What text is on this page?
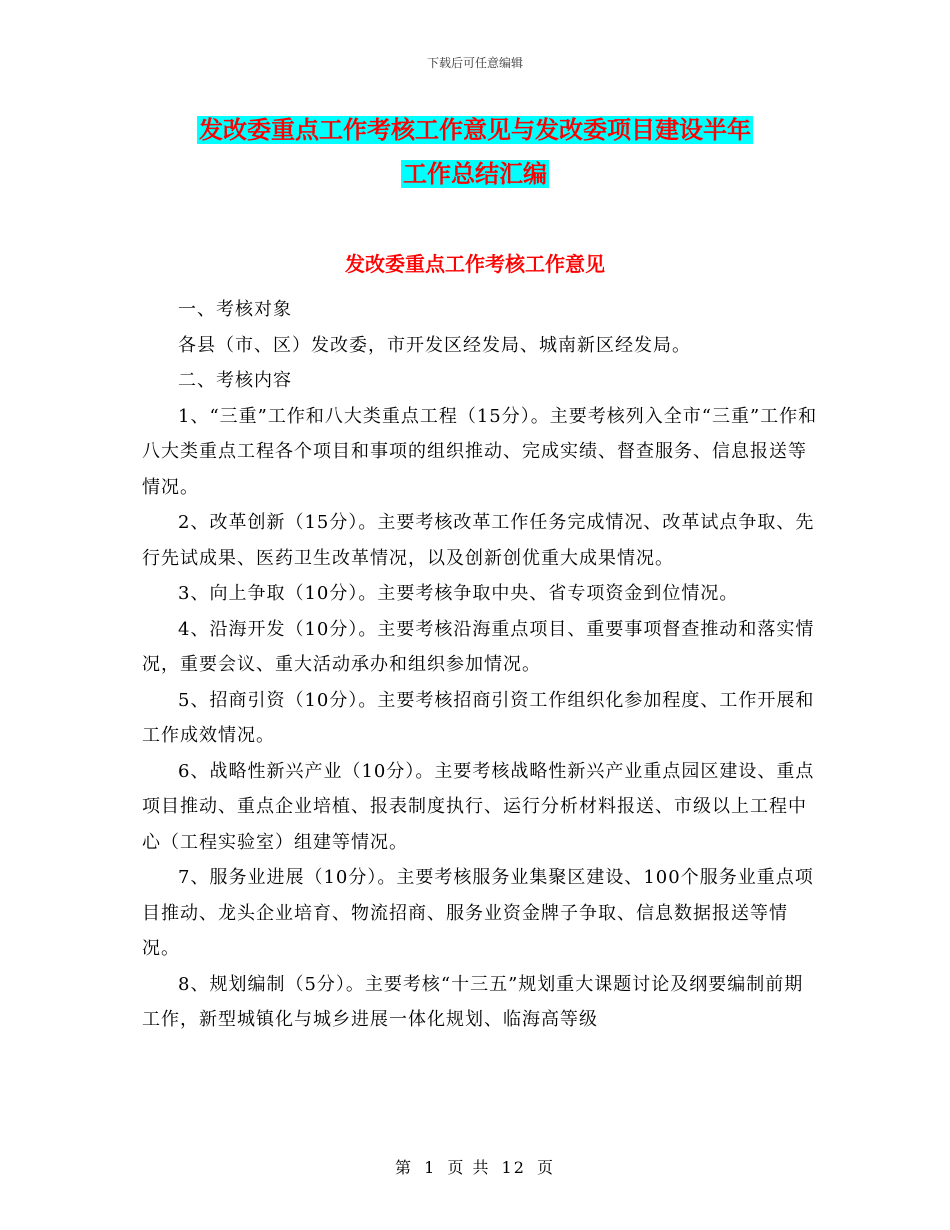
下载后可任意编辑
发改委重点工作考核工作意见与发改委项目建设半年
工作总结汇编
发改委重点工作考核工作意见

一、考核对象

各县（市、区）发改委，市开发区经发局、城南新区经发局。

二、考核内容

1、“三重”工作和八大类重点工程（15分）。主要考核列入全市“三重”工作和八大类重点工程各个项目和事项的组织推动、完成实绩、督查服务、信息报送等情况。

2、改革创新（15分）。主要考核改革工作任务完成情况、改革试点争取、先行先试成果、医药卫生改革情况，以及创新创优重大成果情况。

3、向上争取（10分）。主要考核争取中央、省专项资金到位情况。

4、沿海开发（10分）。主要考核沿海重点项目、重要事项督查推动和落实情况，重要会议、重大活动承办和组织参加情况。

5、招商引资（10分）。主要考核招商引资工作组织化参加程度、工作开展和工作成效情况。

6、战略性新兴产业（10分）。主要考核战略性新兴产业重点园区建设、重点项目推动、重点企业培植、报表制度执行、运行分析材料报送、市级以上工程中心（工程实验室）组建等情况。

7、服务业进展（10分）。主要考核服务业集聚区建设、100个服务业重点项目推动、龙头企业培育、物流招商、服务业资金牌子争取、信息数据报送等情况。

8、规划编制（5分）。主要考核“十三五”规划重大课题讨论及纲要编制前期工作，新型城镇化与城乡进展一体化规划、临海高等级

第 1 页 共 12 页
